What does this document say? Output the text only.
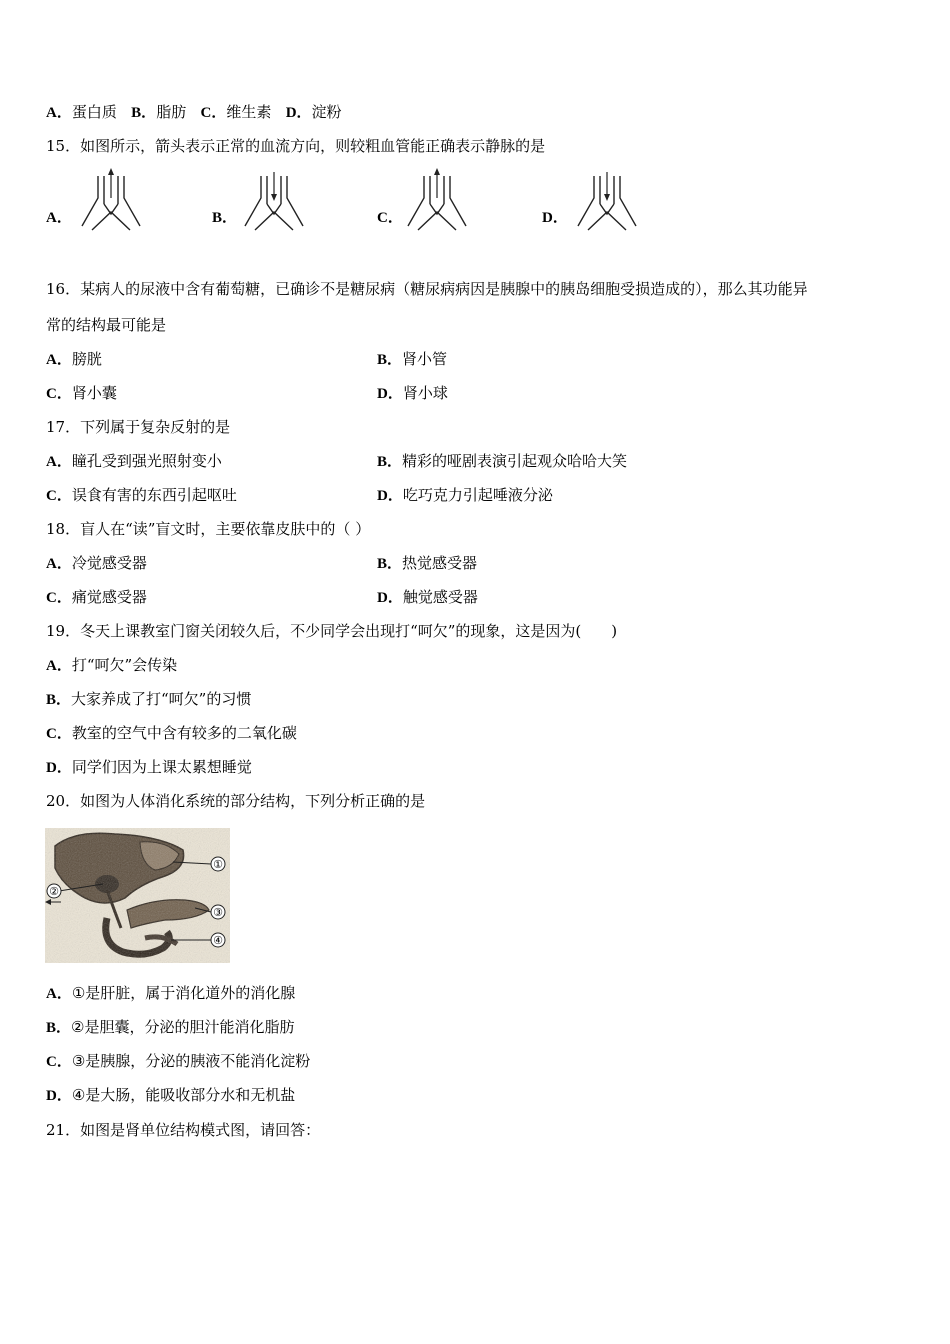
A．蛋白质 B．脂肪 C．维生素 D．淀粉
15．如图所示，箭头表示正常的血流方向，则较粗血管能正确表示静脉的是
A．	B．	C．	D．
16．某病人的尿液中含有葡萄糖，已确诊不是糖尿病（糖尿病病因是胰腺中的胰岛细胞受损造成的），那么其功能异
常的结构最可能是
A．膀胱	B．肾小管
C．肾小囊	D．肾小球
17．下列属于复杂反射的是
A．瞳孔受到强光照射变小	B．精彩的哑剧表演引起观众哈哈大笑
C．误食有害的东西引起呕吐	D．吃巧克力引起唾液分泌
18．盲人在“读”盲文时，主要依靠皮肤中的（ ）
A．冷觉感受器	B．热觉感受器
C．痛觉感受器	D．触觉感受器
19．冬天上课教室门窗关闭较久后，不少同学会出现打“呵欠”的现象，这是因为(　　)
A．打“呵欠”会传染
B．大家养成了打“呵欠”的习惯
C．教室的空气中含有较多的二氧化碳
D．同学们因为上课太累想睡觉
20．如图为人体消化系统的部分结构，下列分析正确的是
①
②
③
④
A．①是肝脏，属于消化道外的消化腺
B．②是胆囊，分泌的胆汁能消化脂肪
C．③是胰腺，分泌的胰液不能消化淀粉
D．④是大肠，能吸收部分水和无机盐
21．如图是肾单位结构模式图，请回答：
